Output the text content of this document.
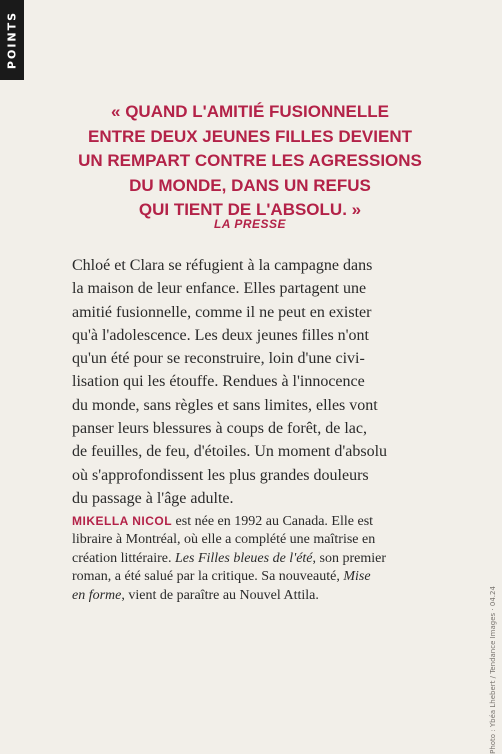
POINTS
« QUAND L'AMITIÉ FUSIONNELLE
ENTRE DEUX JEUNES FILLES DEVIENT
UN REMPART CONTRE LES AGRESSIONS
DU MONDE, DANS UN REFUS
QUI TIENT DE L'ABSOLU. »
LA PRESSE
Chloé et Clara se réfugient à la campagne dans
la maison de leur enfance. Elles partagent une
amitié fusionnelle, comme il ne peut en exister
qu'à l'adolescence. Les deux jeunes filles n'ont
qu'un été pour se reconstruire, loin d'une civi-
lisation qui les étouffe. Rendues à l'innocence
du monde, sans règles et sans limites, elles vont
panser leurs blessures à coups de forêt, de lac,
de feuilles, de feu, d'étoiles. Un moment d'absolu
où s'approfondissent les plus grandes douleurs
du passage à l'âge adulte.
MIKELLA NICOL est née en 1992 au Canada. Elle est
libraire à Montréal, où elle a complété une maîtrise en
création littéraire. Les Filles bleues de l'été, son premier
roman, a été salué par la critique. Sa nouveauté, Mise
en forme, vient de paraître au Nouvel Attila.	Photo : Ybéa Lhebert / Tendance Images · 04.24
